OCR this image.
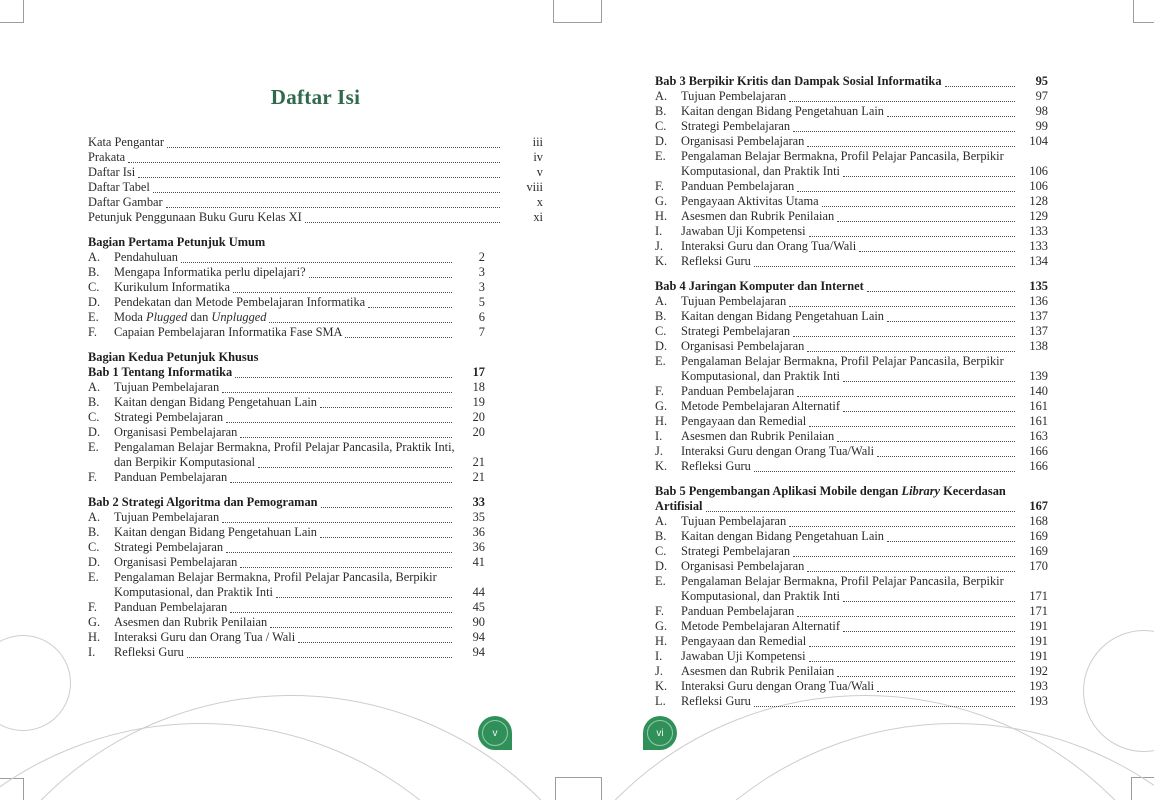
Daftar Isi
Kata Pengantar	iii
Prakata	iv
Daftar Isi	v
Daftar Tabel	viii
Daftar Gambar	x
Petunjuk Penggunaan Buku Guru Kelas XI	xi
Bagian Pertama Petunjuk Umum
A.	Pendahuluan	2
B.	Mengapa Informatika perlu dipelajari?	3
C.	Kurikulum Informatika	3
D.	Pendekatan dan Metode Pembelajaran Informatika	5
E.	Moda Plugged dan Unplugged	6
F.	Capaian Pembelajaran Informatika Fase SMA	7
Bagian Kedua Petunjuk Khusus
Bab 1 Tentang Informatika	17
A.	Tujuan Pembelajaran	18
B.	Kaitan dengan Bidang Pengetahuan Lain	19
C.	Strategi Pembelajaran	20
D.	Organisasi Pembelajaran	20
E.	Pengalaman Belajar Bermakna, Profil Pelajar Pancasila, Praktik Inti,
dan Berpikir Komputasional	21
F.	Panduan Pembelajaran	21
Bab 2 Strategi Algoritma dan Pemograman	33
A.	Tujuan Pembelajaran	35
B.	Kaitan dengan Bidang Pengetahuan Lain	36
C.	Strategi Pembelajaran	36
D.	Organisasi Pembelajaran	41
E.	Pengalaman Belajar Bermakna, Profil Pelajar Pancasila, Berpikir
Komputasional, dan Praktik Inti	44
F.	Panduan Pembelajaran	45
G.	Asesmen dan Rubrik Penilaian	90
H.	Interaksi Guru dan Orang Tua / Wali	94
I.	Refleksi Guru	94
Bab 3 Berpikir Kritis dan Dampak Sosial Informatika	95
A.	Tujuan Pembelajaran	97
B.	Kaitan dengan Bidang Pengetahuan Lain	98
C.	Strategi Pembelajaran	99
D.	Organisasi Pembelajaran	104
E.	Pengalaman Belajar Bermakna, Profil Pelajar Pancasila, Berpikir
Komputasional, dan Praktik Inti	106
F.	Panduan Pembelajaran	106
G.	Pengayaan Aktivitas Utama	128
H.	Asesmen dan Rubrik Penilaian	129
I.	Jawaban Uji Kompetensi	133
J.	Interaksi Guru dan Orang Tua/Wali	133
K.	Refleksi Guru	134
Bab 4 Jaringan Komputer dan Internet	135
A.	Tujuan Pembelajaran	136
B.	Kaitan dengan Bidang Pengetahuan Lain	137
C.	Strategi Pembelajaran	137
D.	Organisasi Pembelajaran	138
E.	Pengalaman Belajar Bermakna, Profil Pelajar Pancasila, Berpikir
Komputasional, dan Praktik Inti	139
F.	Panduan Pembelajaran	140
G.	Metode Pembelajaran Alternatif	161
H.	Pengayaan dan Remedial	161
I.	Asesmen dan Rubrik Penilaian	163
J.	Interaksi Guru dengan Orang Tua/Wali	166
K.	Refleksi Guru	166
Bab 5 Pengembangan Aplikasi Mobile dengan Library Kecerdasan
Artifisial	167
A.	Tujuan Pembelajaran	168
B.	Kaitan dengan Bidang Pengetahuan Lain	169
C.	Strategi Pembelajaran	169
D.	Organisasi Pembelajaran	170
E.	Pengalaman Belajar Bermakna, Profil Pelajar Pancasila, Berpikir
Komputasional, dan Praktik Inti	171
F.	Panduan Pembelajaran	171
G.	Metode Pembelajaran Alternatif	191
H.	Pengayaan dan Remedial	191
I.	Jawaban Uji Kompetensi	191
J.	Asesmen dan Rubrik Penilaian	192
K.	Interaksi Guru dengan Orang Tua/Wali	193
L.	Refleksi Guru	193
v	vi
